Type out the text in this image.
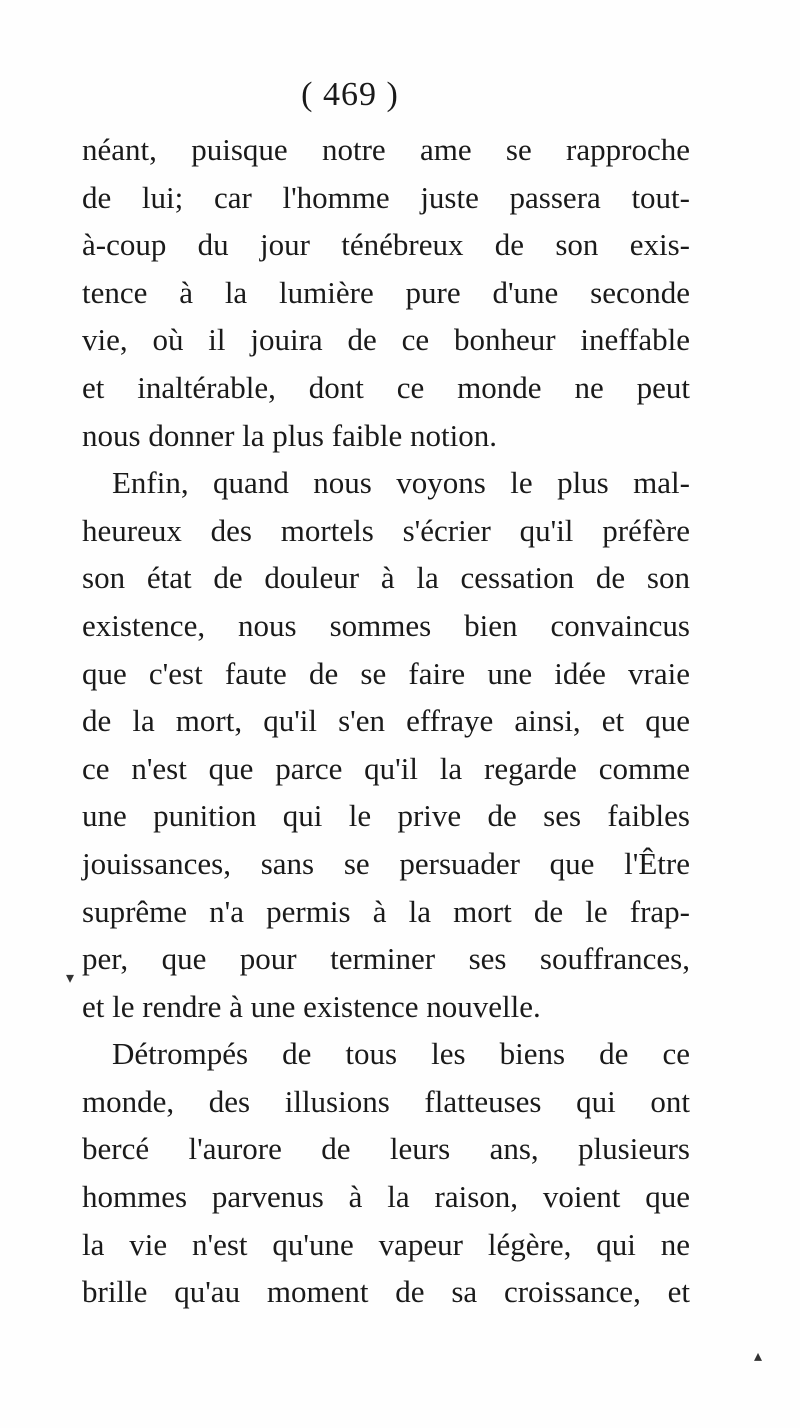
( 469 )
néant, puisque notre ame se rapproche
de lui; car l'homme juste passera tout-
à-coup du jour ténébreux de son exis-
tence à la lumière pure d'une seconde
vie, où il jouira de ce bonheur ineffable
et inaltérable, dont ce monde ne peut
nous donner la plus faible notion.
Enfin, quand nous voyons le plus mal-
heureux des mortels s'écrier qu'il préfère
son état de douleur à la cessation de son
existence, nous sommes bien convaincus
que c'est faute de se faire une idée vraie
de la mort, qu'il s'en effraye ainsi, et que
ce n'est que parce qu'il la regarde comme
une punition qui le prive de ses faibles
jouissances, sans se persuader que l'Être
suprême n'a permis à la mort de le frap-
per, que pour terminer ses souffrances,
et le rendre à une existence nouvelle.
Détrompés de tous les biens de ce
monde, des illusions flatteuses qui ont
bercé l'aurore de leurs ans, plusieurs
hommes parvenus à la raison, voient que
la vie n'est qu'une vapeur légère, qui ne
brille qu'au moment de sa croissance, et
▾
▴
